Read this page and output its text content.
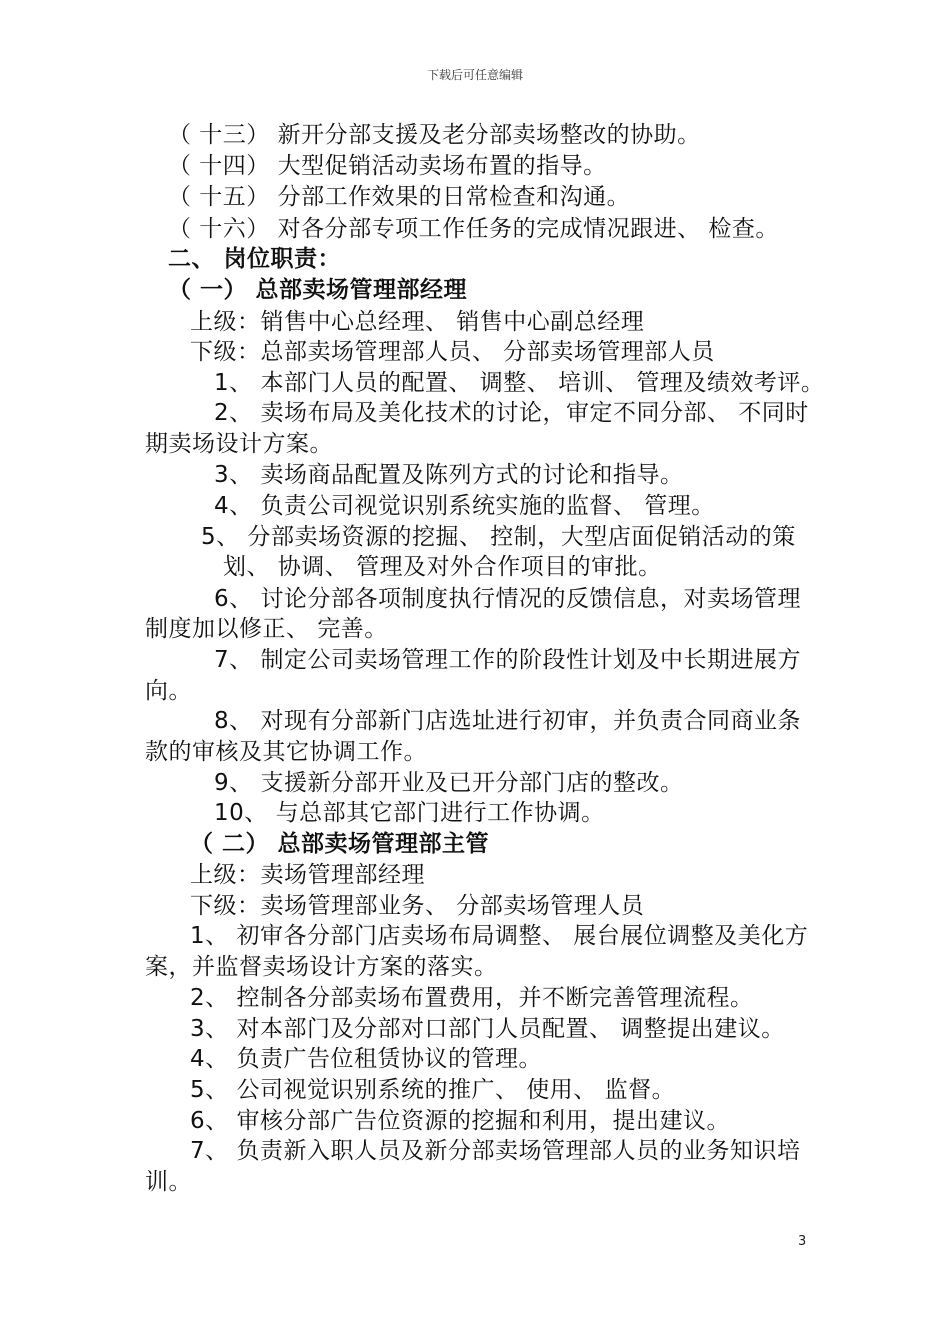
下载后可任意编辑
（ 十三） 新开分部支援及老分部卖场整改的协助。
（ 十四） 大型促销活动卖场布置的指导。
（ 十五） 分部工作效果的日常检查和沟通。
（ 十六） 对各分部专项工作任务的完成情况跟进、 检查。
二、 岗位职责：
（ 一） 总部卖场管理部经理
上级：销售中心总经理、 销售中心副总经理
下级：总部卖场管理部人员、 分部卖场管理部人员
1、 本部门人员的配置、 调整、 培训、 管理及绩效考评。
2、 卖场布局及美化技术的讨论，审定不同分部、 不同时
期卖场设计方案。
3、 卖场商品配置及陈列方式的讨论和指导。
4、 负责公司视觉识别系统实施的监督、 管理。
5、 分部卖场资源的挖掘、 控制，大型店面促销活动的策
划、 协调、 管理及对外合作项目的审批。
6、 讨论分部各项制度执行情况的反馈信息，对卖场管理
制度加以修正、 完善。
7、 制定公司卖场管理工作的阶段性计划及中长期进展方
向。
8、 对现有分部新门店选址进行初审，并负责合同商业条
款的审核及其它协调工作。
9、 支援新分部开业及已开分部门店的整改。
10、 与总部其它部门进行工作协调。
（ 二） 总部卖场管理部主管
上级：卖场管理部经理
下级：卖场管理部业务、 分部卖场管理人员
1、 初审各分部门店卖场布局调整、 展台展位调整及美化方
案，并监督卖场设计方案的落实。
2、 控制各分部卖场布置费用，并不断完善管理流程。
3、 对本部门及分部对口部门人员配置、 调整提出建议。
4、 负责广告位租赁协议的管理。
5、 公司视觉识别系统的推广、 使用、 监督。
6、 审核分部广告位资源的挖掘和利用，提出建议。
7、 负责新入职人员及新分部卖场管理部人员的业务知识培
训。
3
